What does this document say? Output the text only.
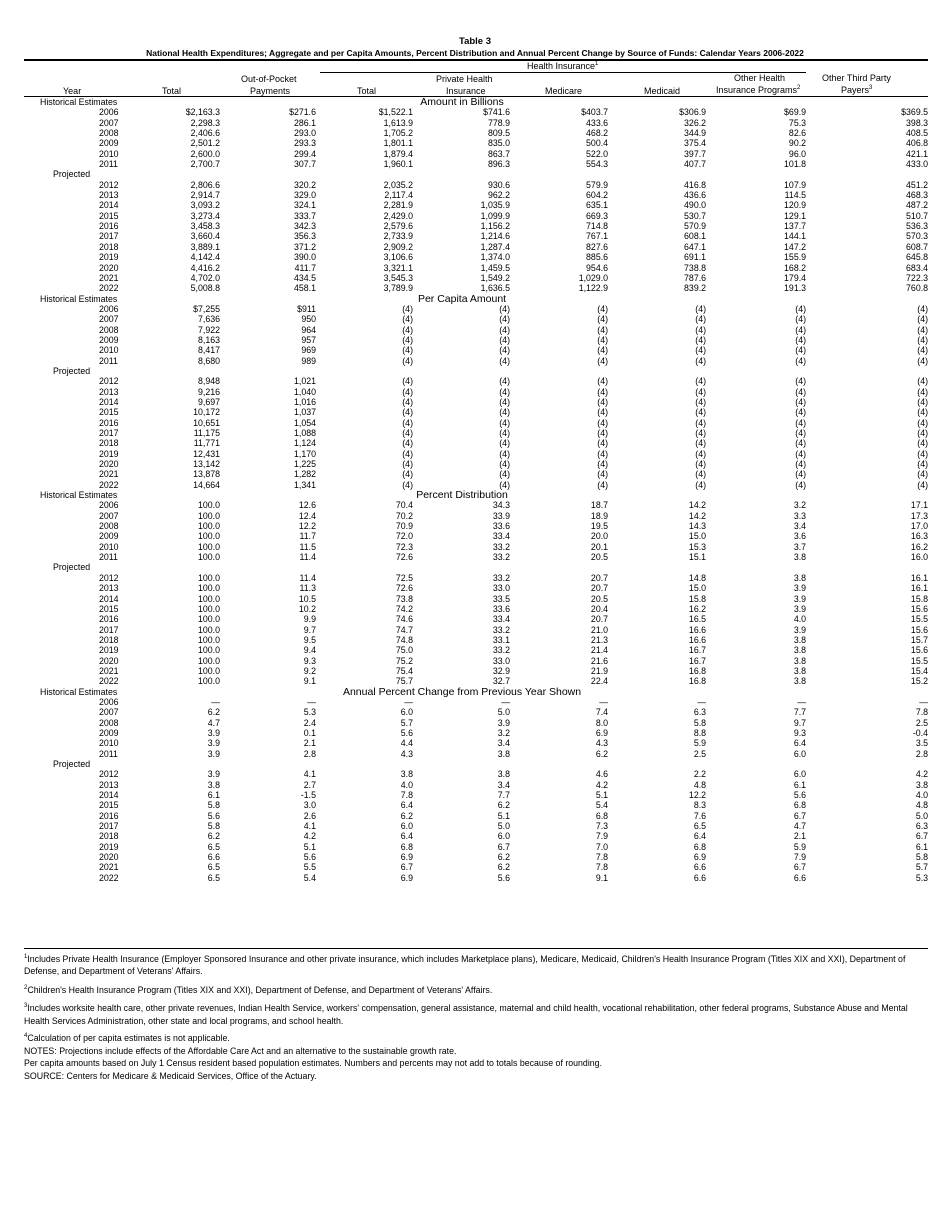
Table 3
National Health Expenditures; Aggregate and per Capita Amounts, Percent Distribution and Annual Percent Change by Source of Funds: Calendar Years 2006-2022
Health Insurance$^1$
Out-of-Pocket	Private Health	Other Health	Other Third Party
Year	Total	Payments	Total	Insurance	Medicare	Medicaid	Insurance Programs$^2$	Payers$^3$
Historical Estimates			Amount in Billions					
2006	$2,163.3	$271.6	$1,522.1	$741.6	$403.7	$306.9	$69.9	$369.5
2007	2,298.3	286.1	1,613.9	778.9	433.6	326.2	75.3	398.3
2008	2,406.6	293.0	1,705.2	809.5	468.2	344.9	82.6	408.5
2009	2,501.2	293.3	1,801.1	835.0	500.4	375.4	90.2	406.8
2010	2,600.0	299.4	1,879.4	863.7	522.0	397.7	96.0	421.1
2011	2,700.7	307.7	1,960.1	896.3	554.3	407.7	101.8	433.0
Projected								
2012	2,806.6	320.2	2,035.2	930.6	579.9	416.8	107.9	451.2
2013	2,914.7	329.0	2,117.4	962.2	604.2	436.6	114.5	468.3
2014	3,093.2	324.1	2,281.9	1,035.9	635.1	490.0	120.9	487.2
2015	3,273.4	333.7	2,429.0	1,099.9	669.3	530.7	129.1	510.7
2016	3,458.3	342.3	2,579.6	1,156.2	714.8	570.9	137.7	536.3
2017	3,660.4	356.3	2,733.9	1,214.6	767.1	608.1	144.1	570.3
2018	3,889.1	371.2	2,909.2	1,287.4	827.6	647.1	147.2	608.7
2019	4,142.4	390.0	3,106.6	1,374.0	885.6	691.1	155.9	645.8
2020	4,416.2	411.7	3,321.1	1,459.5	954.6	738.8	168.2	683.4
2021	4,702.0	434.5	3,545.3	1,549.2	1,029.0	787.6	179.4	722.3
2022	5,008.8	458.1	3,789.9	1,636.5	1,122.9	839.2	191.3	760.8
Historical Estimates			Per Capita Amount					
2006	$7,255	$911	(4)	(4)	(4)	(4)	(4)	(4)
2007	7,636	950	(4)	(4)	(4)	(4)	(4)	(4)
2008	7,922	964	(4)	(4)	(4)	(4)	(4)	(4)
2009	8,163	957	(4)	(4)	(4)	(4)	(4)	(4)
2010	8,417	969	(4)	(4)	(4)	(4)	(4)	(4)
2011	8,680	989	(4)	(4)	(4)	(4)	(4)	(4)
Projected								
2012	8,948	1,021	(4)	(4)	(4)	(4)	(4)	(4)
2013	9,216	1,040	(4)	(4)	(4)	(4)	(4)	(4)
2014	9,697	1,016	(4)	(4)	(4)	(4)	(4)	(4)
2015	10,172	1,037	(4)	(4)	(4)	(4)	(4)	(4)
2016	10,651	1,054	(4)	(4)	(4)	(4)	(4)	(4)
2017	11,175	1,088	(4)	(4)	(4)	(4)	(4)	(4)
2018	11,771	1,124	(4)	(4)	(4)	(4)	(4)	(4)
2019	12,431	1,170	(4)	(4)	(4)	(4)	(4)	(4)
2020	13,142	1,225	(4)	(4)	(4)	(4)	(4)	(4)
2021	13,878	1,282	(4)	(4)	(4)	(4)	(4)	(4)
2022	14,664	1,341	(4)	(4)	(4)	(4)	(4)	(4)
Historical Estimates			Percent Distribution					
2006	100.0	12.6	70.4	34.3	18.7	14.2	3.2	17.1
2007	100.0	12.4	70.2	33.9	18.9	14.2	3.3	17.3
2008	100.0	12.2	70.9	33.6	19.5	14.3	3.4	17.0
2009	100.0	11.7	72.0	33.4	20.0	15.0	3.6	16.3
2010	100.0	11.5	72.3	33.2	20.1	15.3	3.7	16.2
2011	100.0	11.4	72.6	33.2	20.5	15.1	3.8	16.0
Projected								
2012	100.0	11.4	72.5	33.2	20.7	14.8	3.8	16.1
2013	100.0	11.3	72.6	33.0	20.7	15.0	3.9	16.1
2014	100.0	10.5	73.8	33.5	20.5	15.8	3.9	15.8
2015	100.0	10.2	74.2	33.6	20.4	16.2	3.9	15.6
2016	100.0	9.9	74.6	33.4	20.7	16.5	4.0	15.5
2017	100.0	9.7	74.7	33.2	21.0	16.6	3.9	15.6
2018	100.0	9.5	74.8	33.1	21.3	16.6	3.8	15.7
2019	100.0	9.4	75.0	33.2	21.4	16.7	3.8	15.6
2020	100.0	9.3	75.2	33.0	21.6	16.7	3.8	15.5
2021	100.0	9.2	75.4	32.9	21.9	16.8	3.8	15.4
2022	100.0	9.1	75.7	32.7	22.4	16.8	3.8	15.2
Historical Estimates			Annual Percent Change from Previous Year Shown					
2006	—	—	—	—	—	—	—	—
2007	6.2	5.3	6.0	5.0	7.4	6.3	7.7	7.8
2008	4.7	2.4	5.7	3.9	8.0	5.8	9.7	2.5
2009	3.9	0.1	5.6	3.2	6.9	8.8	9.3	-0.4
2010	3.9	2.1	4.4	3.4	4.3	5.9	6.4	3.5
2011	3.9	2.8	4.3	3.8	6.2	2.5	6.0	2.8
Projected								
2012	3.9	4.1	3.8	3.8	4.6	2.2	6.0	4.2
2013	3.8	2.7	4.0	3.4	4.2	4.8	6.1	3.8
2014	6.1	-1.5	7.8	7.7	5.1	12.2	5.6	4.0
2015	5.8	3.0	6.4	6.2	5.4	8.3	6.8	4.8
2016	5.6	2.6	6.2	5.1	6.8	7.6	6.7	5.0
2017	5.8	4.1	6.0	5.0	7.3	6.5	4.7	6.3
2018	6.2	4.2	6.4	6.0	7.9	6.4	2.1	6.7
2019	6.5	5.1	6.8	6.7	7.0	6.8	5.9	6.1
2020	6.6	5.6	6.9	6.2	7.8	6.9	7.9	5.8
2021	6.5	5.5	6.7	6.2	7.8	6.6	6.7	5.7
2022	6.5	5.4	6.9	5.6	9.1	6.6	6.6	5.3

$^1$Includes Private Health Insurance (Employer Sponsored Insurance and other private insurance, which includes Marketplace plans), Medicare, Medicaid, Children's Health Insurance Program (Titles XIX and XXI), Department of Defense, and Department of Veterans' Affairs.

$^2$Children's Health Insurance Program (Titles XIX and XXI), Department of Defense, and Department of Veterans' Affairs.

$^3$Includes worksite health care, other private revenues, Indian Health Service, workers' compensation, general assistance, maternal and child health, vocational rehabilitation, other federal programs, Substance Abuse and Mental Health Services Administration, other state and local programs, and school health.

$^4$Calculation of per capita estimates is not applicable.

NOTES: Projections include effects of the Affordable Care Act and an alternative to the sustainable growth rate.

Per capita amounts based on July 1 Census resident based population estimates. Numbers and percents may not add to totals because of rounding.

SOURCE: Centers for Medicare & Medicaid Services, Office of the Actuary.
